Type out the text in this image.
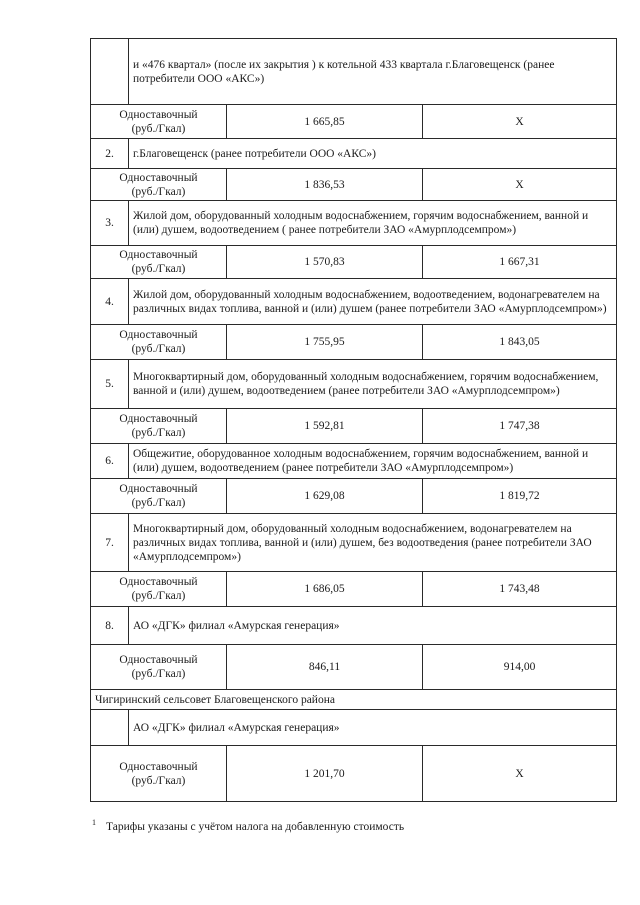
	и «476 квартал» (после их закрытия ) к котельной 433 квартала г.Благовещенск (ранее потребители ООО «АКС»)		

Одноставочный
(руб./Гкал)		1 665,85	X
2.	г.Благовещенск (ранее потребители ООО «АКС»)		

Одноставочный
(руб./Гкал)		1 836,53	X
3.	Жилой дом, оборудованный холодным водоснабжением, горячим водоснабжением, ванной и (или) душем, водоотведением ( ранее потребители ЗАО «Амурплодсемпром»)		

Одноставочный
(руб./Гкал)		1 570,83	1 667,31
4.	Жилой дом, оборудованный холодным водоснабжением, водоотведением, водонагревателем на различных видах топлива, ванной и (или) душем (ранее потребители ЗАО «Амурплодсемпром»)		

Одноставочный
(руб./Гкал)		1 755,95	1 843,05
5.	Многоквартирный дом, оборудованный холодным водоснабжением, горячим водоснабжением, ванной и (или) душем, водоотведением (ранее потребители ЗАО «Амурплодсемпром»)		

Одноставочный
(руб./Гкал)		1 592,81	1 747,38
6.	Общежитие, оборудованное холодным водоснабжением, горячим водоснабжением, ванной и (или) душем, водоотведением (ранее потребители ЗАО «Амурплодсемпром»)		

Одноставочный
(руб./Гкал)		1 629,08	1 819,72
7.	Многоквартирный дом, оборудованный холодным водоснабжением, водонагревателем на различных видах топлива, ванной и (или) душем, без водоотведения (ранее потребители ЗАО «Амурплодсемпром»)		

Одноставочный
(руб./Гкал)		1 686,05	1 743,48
8.	АО «ДГК» филиал «Амурская генерация»		

Одноставочный
(руб./Гкал)		846,11	914,00
Чигиринский сельсовет Благовещенского района			
	АО «ДГК» филиал «Амурская генерация»		

Одноставочный
(руб./Гкал)		1 201,70	X
$^1$ Тарифы указаны с учётом налога на добавленную стоимость
